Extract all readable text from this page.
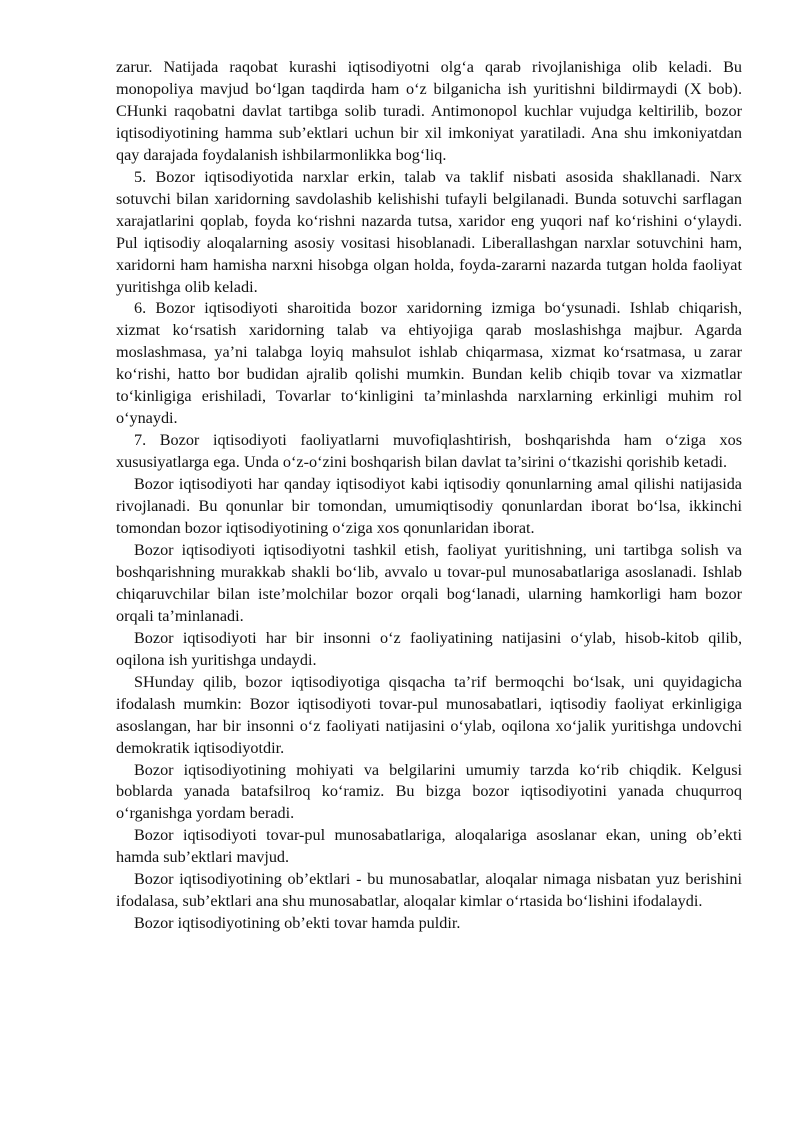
zarur. Natijada raqobat kurashi iqtisodiyotni olg‘a qarab rivojlanishiga olib keladi. Bu monopoliya mavjud bo‘lgan taqdirda ham o‘z bilganicha ish yuritishni bildirmaydi (X bob). CHunki raqobatni davlat tartibga solib turadi. Antimonopol kuchlar vujudga keltirilib, bozor iqtisodiyotining hamma sub’ektlari uchun bir xil imkoniyat yaratiladi. Ana shu imkoniyatdan qay darajada foydalanish ishbilarmonlikka bog‘liq.

5. Bozor iqtisodiyotida narxlar erkin, talab va taklif nisbati asosida shakllanadi. Narx sotuvchi bilan xaridorning savdolashib kelishishi tufayli belgilanadi. Bunda sotuvchi sarflagan xarajatlarini qoplab, foyda ko‘rishni nazarda tutsa, xaridor eng yuqori naf ko‘rishini o‘ylaydi. Pul iqtisodiy aloqalarning asosiy vositasi hisoblanadi. Liberallashgan narxlar sotuvchini ham, xaridorni ham hamisha narxni hisobga olgan holda, foyda-zararni nazarda tutgan holda faoliyat yuritishga olib keladi.

6. Bozor iqtisodiyoti sharoitida bozor xaridorning izmiga bo‘ysunadi. Ishlab chiqarish, xizmat ko‘rsatish xaridorning talab va ehtiyojiga qarab moslashishga majbur. Agarda moslashmasa, ya’ni talabga loyiq mahsulot ishlab chiqarmasa, xizmat ko‘rsatmasa, u zarar ko‘rishi, hatto bor budidan ajralib qolishi mumkin. Bundan kelib chiqib tovar va xizmatlar to‘kinligiga erishiladi, Tovarlar to‘kinligini ta’minlashda narxlarning erkinligi muhim rol o‘ynaydi.

7. Bozor iqtisodiyoti faoliyatlarni muvofiqlashtirish, boshqarishda ham o‘ziga xos xususiyatlarga ega. Unda o‘z-o‘zini boshqarish bilan davlat ta’sirini o‘tkazishi qorishib ketadi.

Bozor iqtisodiyoti har qanday iqtisodiyot kabi iqtisodiy qonunlarning amal qilishi natijasida rivojlanadi. Bu qonunlar bir tomondan, umumiqtisodiy qonunlardan iborat bo‘lsa, ikkinchi tomondan bozor iqtisodiyotining o‘ziga xos qonunlaridan iborat.

Bozor iqtisodiyoti iqtisodiyotni tashkil etish, faoliyat yuritishning, uni tartibga solish va boshqarishning murakkab shakli bo‘lib, avvalo u tovar-pul munosabatlariga asoslanadi. Ishlab chiqaruvchilar bilan iste’molchilar bozor orqali bog‘lanadi, ularning hamkorligi ham bozor orqali ta’minlanadi.

Bozor iqtisodiyoti har bir insonni o‘z faoliyatining natijasini o‘ylab, hisob-kitob qilib, oqilona ish yuritishga undaydi.

SHunday qilib, bozor iqtisodiyotiga qisqacha ta’rif bermoqchi bo‘lsak, uni quyidagicha ifodalash mumkin: Bozor iqtisodiyoti tovar-pul munosabatlari, iqtisodiy faoliyat erkinligiga asoslangan, har bir insonni o‘z faoliyati natijasini o‘ylab, oqilona xo‘jalik yuritishga undovchi demokratik iqtisodiyotdir.

Bozor iqtisodiyotining mohiyati va belgilarini umumiy tarzda ko‘rib chiqdik. Kelgusi boblarda yanada batafsilroq ko‘ramiz. Bu bizga bozor iqtisodiyotini yanada chuqurroq o‘rganishga yordam beradi.

Bozor iqtisodiyoti tovar-pul munosabatlariga, aloqalariga asoslanar ekan, uning ob’ekti hamda sub’ektlari mavjud.

Bozor iqtisodiyotining ob’ektlari - bu munosabatlar, aloqalar nimaga nisbatan yuz berishini ifodalasa, sub’ektlari ana shu munosabatlar, aloqalar kimlar o‘rtasida bo‘lishini ifodalaydi.

Bozor iqtisodiyotining ob’ekti tovar hamda puldir.
